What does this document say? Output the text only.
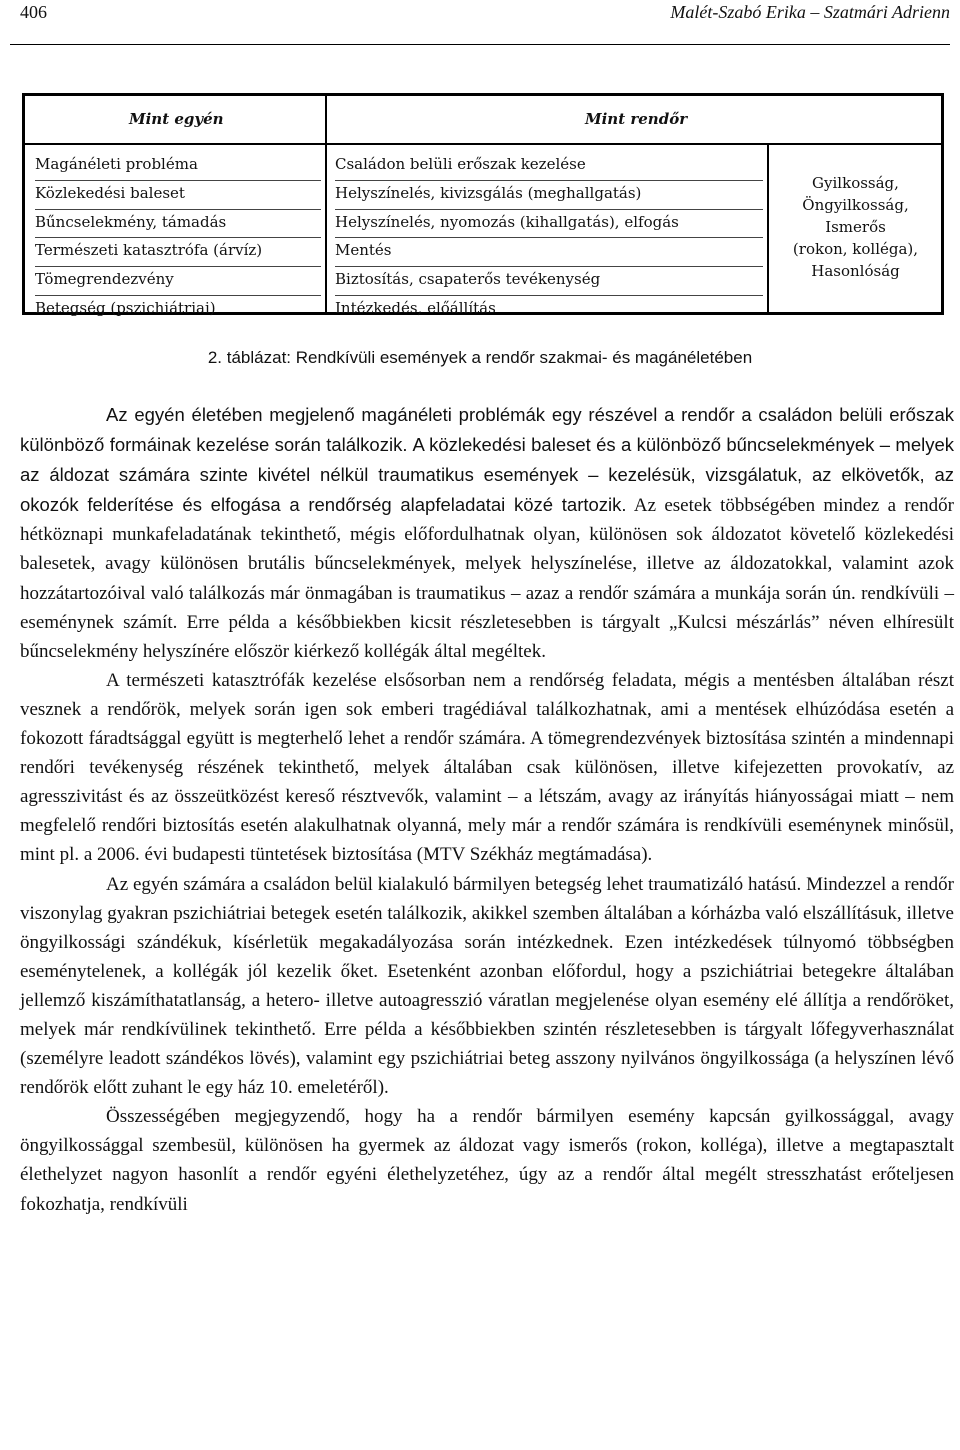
406	Malét-Szabó Erika – Szatmári Adrienn
Mint egyén	Mint rendőr
Magánéleti probléma
Közlekedési baleset
Bűncselekmény, támadás
Természeti katasztrófa (árvíz)
Tömegrendezvény
Betegség (pszichiátriai)
Családon belüli erőszak kezelése
Helyszínelés, kivizsgálás (meghallgatás)
Helyszínelés, nyomozás (kihallgatás), elfogás
Mentés
Biztosítás, csapaterős tevékenység
Intézkedés, előállítás
Gyilkosság,
Öngyilkosság,
Ismerős
(rokon, kolléga),
Hasonlóság
2. táblázat: Rendkívüli események a rendőr szakmai- és magánéletében

Az egyén életében megjelenő magánéleti problémák egy részével a rendőr a családon belüli erőszak különböző formáinak kezelése során találkozik. A közlekedési baleset és a különböző bűncselekmények – melyek az áldozat számára szinte kivétel nélkül traumatikus események – kezelésük, vizsgálatuk, az elkövetők, az okozók felderítése és elfogása a rendőrség alapfeladatai közé tartozik. Az esetek többségében mindez a rendőr hétköznapi munkafeladatának tekinthető, mégis előfordulhatnak olyan, különösen sok áldozatot követelő közlekedési balesetek, avagy különösen brutális bűncselekmények, melyek helyszínelése, illetve az áldozatokkal, valamint azok hozzátartozóival való találkozás már önmagában is traumatikus – azaz a rendőr számára a munkája során ún. rendkívüli – eseménynek számít. Erre példa a későbbiekben kicsit részletesebben is tárgyalt „Kulcsi mészárlás” néven elhíresült bűncselekmény helyszínére először kiérkező kollégák által megéltek.

A természeti katasztrófák kezelése elsősorban nem a rendőrség feladata, mégis a mentésben általában részt vesznek a rendőrök, melyek során igen sok emberi tragédiával találkozhatnak, ami a mentések elhúzódása esetén a fokozott fáradtsággal együtt is megterhelő lehet a rendőr számára. A tömegrendezvények biztosítása szintén a mindennapi rendőri tevékenység részének tekinthető, melyek általában csak különösen, illetve kifejezetten provokatív, az agresszivitást és az összeütközést kereső résztvevők, valamint – a létszám, avagy az irányítás hiányosságai miatt – nem megfelelő rendőri biztosítás esetén alakulhatnak olyanná, mely már a rendőr számára is rendkívüli eseménynek minősül, mint pl. a 2006. évi budapesti tüntetések biztosítása (MTV Székház megtámadása).

Az egyén számára a családon belül kialakuló bármilyen betegség lehet traumatizáló hatású. Mindezzel a rendőr viszonylag gyakran pszichiátriai betegek esetén találkozik, akikkel szemben általában a kórházba való elszállításuk, illetve öngyilkossági szándékuk, kísérletük megakadályozása során intézkednek. Ezen intézkedések túlnyomó többségben eseménytelenek, a kollégák jól kezelik őket. Esetenként azonban előfordul, hogy a pszichiátriai betegekre általában jellemző kiszámíthatatlanság, a hetero- illetve autoagresszió váratlan megjelenése olyan esemény elé állítja a rendőröket, melyek már rendkívülinek tekinthető. Erre példa a későbbiekben szintén részletesebben is tárgyalt lőfegyverhasználat (személyre leadott szándékos lövés), valamint egy pszichiátriai beteg asszony nyilvános öngyilkossága (a helyszínen lévő rendőrök előtt zuhant le egy ház 10. emeletéről).

Összességében megjegyzendő, hogy ha a rendőr bármilyen esemény kapcsán gyilkossággal, avagy öngyilkossággal szembesül, különösen ha gyermek az áldozat vagy ismerős (rokon, kolléga), illetve a megtapasztalt élethelyzet nagyon hasonlít a rendőr egyéni élethelyzetéhez, úgy az a rendőr által megélt stresszhatást erőteljesen fokozhatja, rendkívüli
